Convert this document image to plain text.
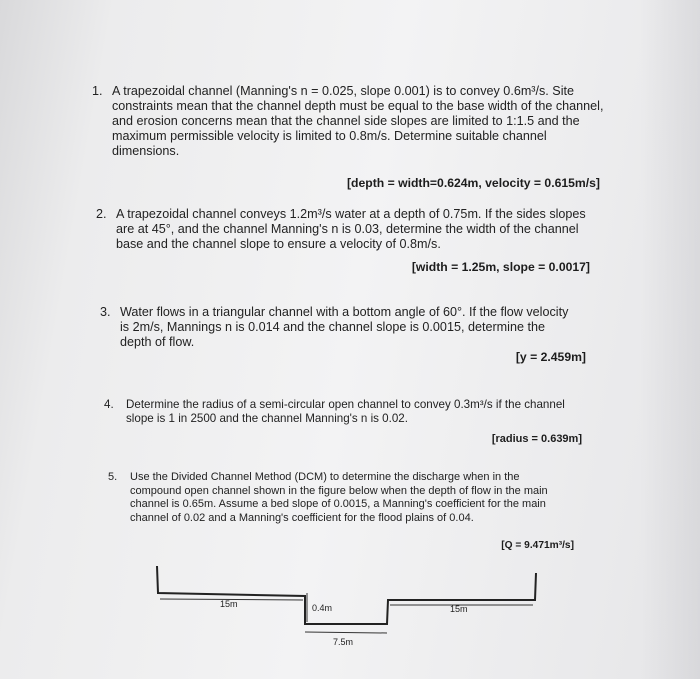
1. A trapezoidal channel (Manning's n = 0.025, slope 0.001) is to convey 0.6m³/s. Site
constraints mean that the channel depth must be equal to the base width of the channel,
and erosion concerns mean that the channel side slopes are limited to 1:1.5 and the
maximum permissible velocity is limited to 0.8m/s. Determine suitable channel
dimensions.
[depth = width=0.624m, velocity = 0.615m/s]
2. A trapezoidal channel conveys 1.2m³/s water at a depth of 0.75m. If the sides slopes
are at 45°, and the channel Manning's n is 0.03, determine the width of the channel
base and the channel slope to ensure a velocity of 0.8m/s.
[width = 1.25m, slope = 0.0017]
3. Water flows in a triangular channel with a bottom angle of 60°. If the flow velocity
is 2m/s, Mannings n is 0.014 and the channel slope is 0.0015, determine the
depth of flow.
[y = 2.459m]
4. Determine the radius of a semi-circular open channel to convey 0.3m³/s if the channel
slope is 1 in 2500 and the channel Manning's n is 0.02.
[radius = 0.639m]
5. Use the Divided Channel Method (DCM) to determine the discharge when in the
compound open channel shown in the figure below when the depth of flow in the main
channel is 0.65m. Assume a bed slope of 0.0015, a Manning's coefficient for the main
channel of 0.02 and a Manning's coefficient for the flood plains of 0.04.
[Q = 9.471m³/s]
15m	0.4m	15m
7.5m
